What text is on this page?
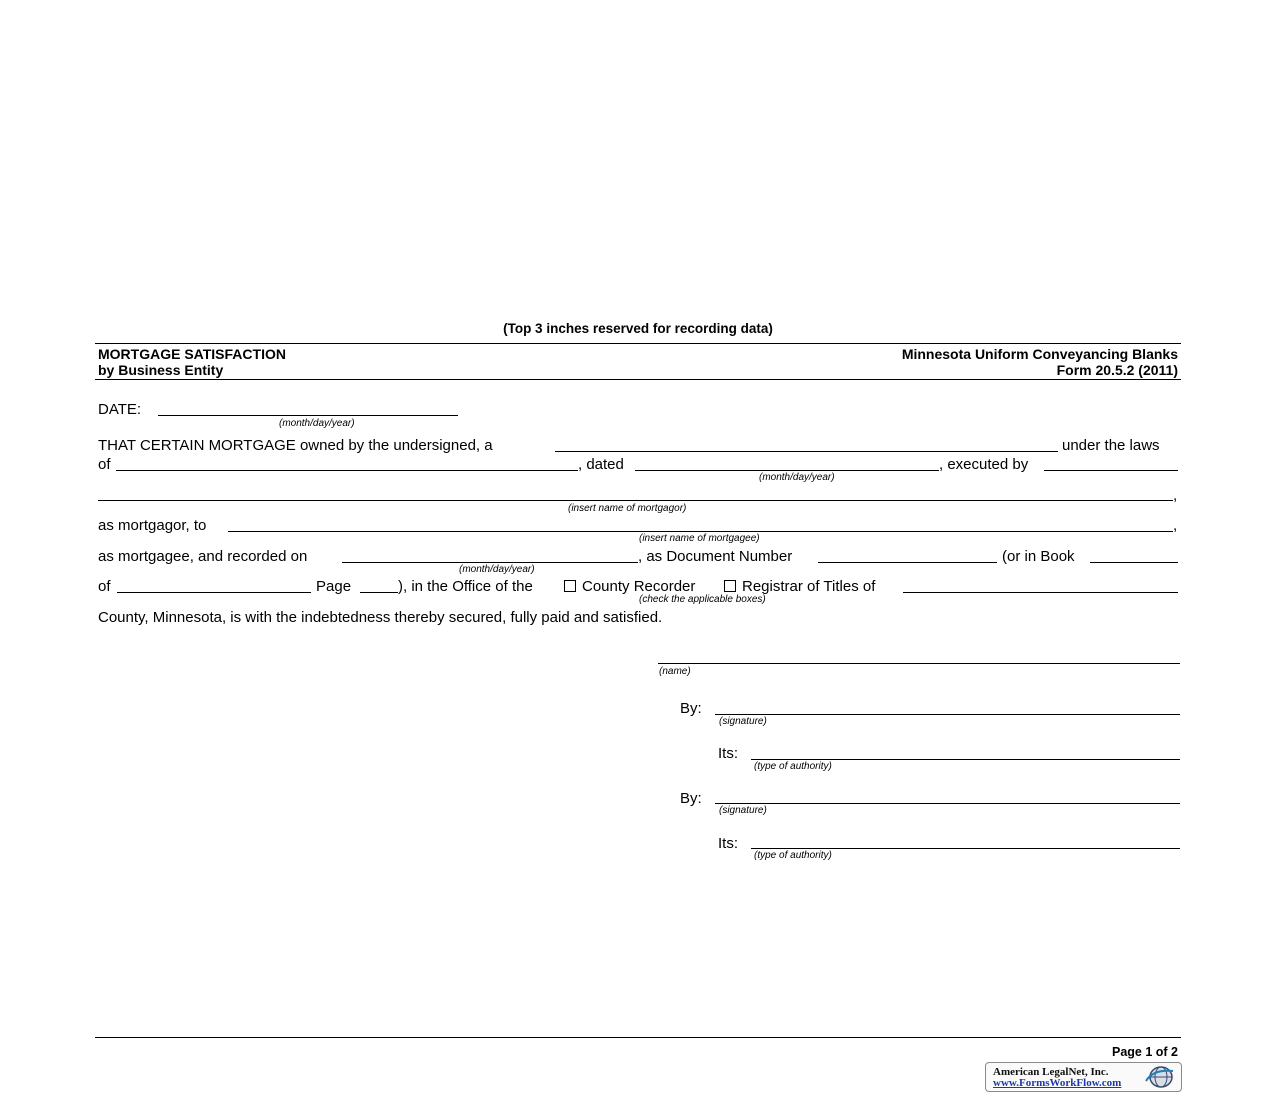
(Top 3 inches reserved for recording data)
MORTGAGE SATISFACTION
by Business Entity
Minnesota Uniform Conveyancing Blanks
Form 20.5.2 (2011)
DATE:
(month/day/year)
THAT CERTAIN MORTGAGE owned by the undersigned, a	under the laws
of	, dated	, executed by
(month/day/year)
,
(insert name of mortgagor)
as mortgagor, to	,
(insert name of mortgagee)
as mortgagee, and recorded on	, as Document Number	(or in Book
(month/day/year)
of	Page	), in the Office of the	County Recorder	Registrar of Titles of
(check the applicable boxes)
County, Minnesota, is with the indebtedness thereby secured, fully paid and satisfied.
(name)
By:
(signature)
Its:
(type of authority)
By:
(signature)
Its:
(type of authority)
Page 1 of 2
American LegalNet, Inc.
www.FormsWorkFlow.com
